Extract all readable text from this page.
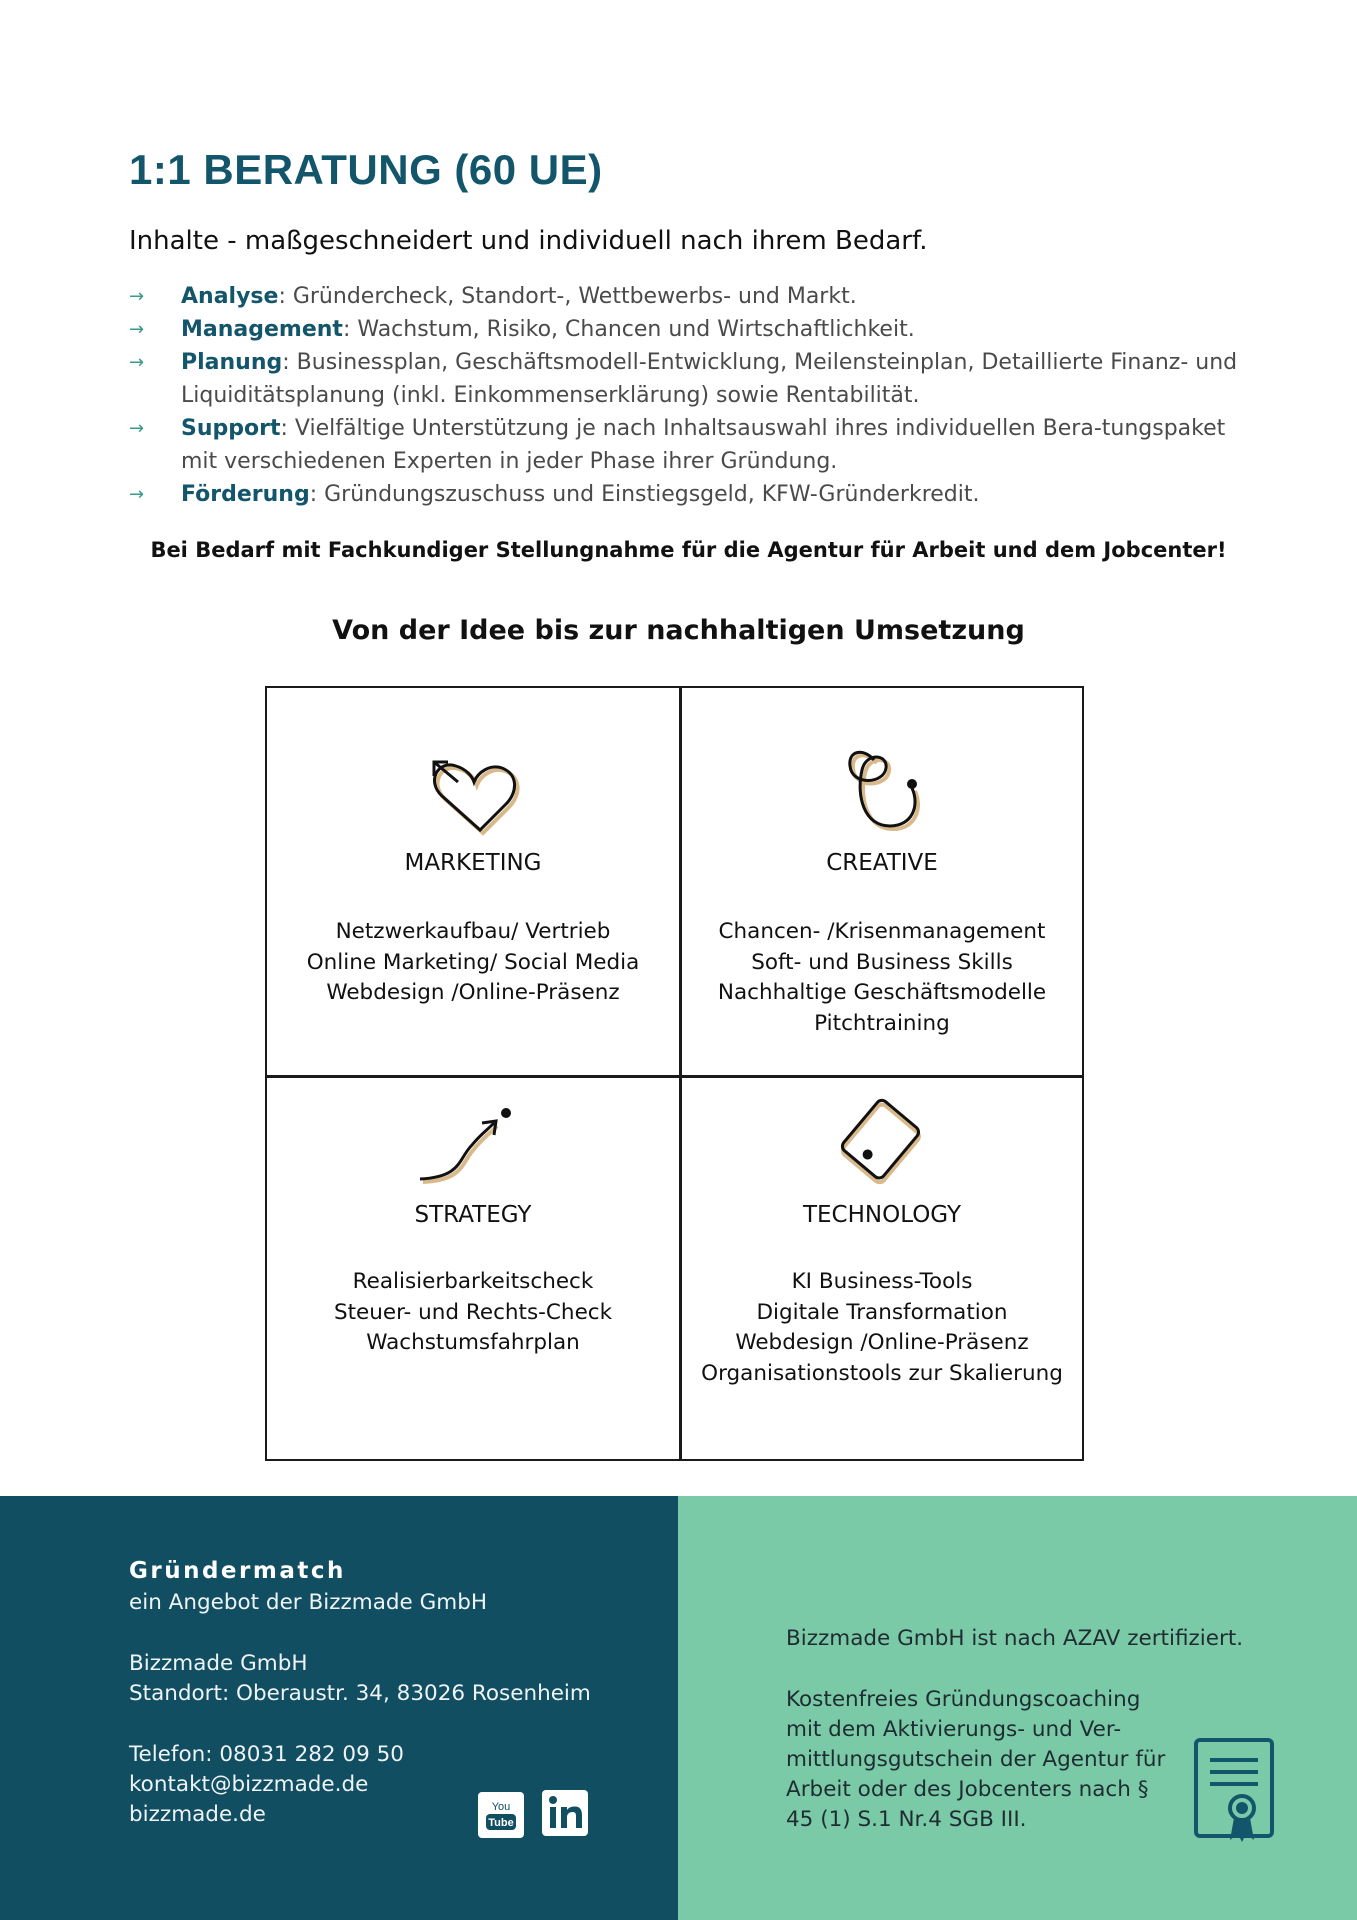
1:1 BERATUNG (60 UE)

Inhalte - maßgeschneidert und individuell nach ihrem Bedarf.

→ Analyse: Gründercheck, Standort-, Wettbewerbs- und Markt.
→ Management: Wachstum, Risiko, Chancen und Wirtschaftlichkeit.
→ Planung: Businessplan, Geschäftsmodell-Entwicklung, Meilensteinplan, Detaillierte Finanz- und Liquiditätsplanung (inkl. Einkommenserklärung) sowie Rentabilität.
→ Support: Vielfältige Unterstützung je nach Inhaltsauswahl ihres individuellen Bera-tungspaket mit verschiedenen Experten in jeder Phase ihrer Gründung.
→ Förderung: Gründungszuschuss und Einstiegsgeld, KFW-Gründerkredit.

Bei Bedarf mit Fachkundiger Stellungnahme für die Agentur für Arbeit und dem Jobcenter!

Von der Idee bis zur nachhaltigen Umsetzung
MARKETING
Netzwerkaufbau/ Vertrieb
Online Marketing/ Social Media
Webdesign /Online-Präsenz
CREATIVE
Chancen- /Krisenmanagement
Soft- und Business Skills
Nachhaltige Geschäftsmodelle
Pitchtraining
STRATEGY
Realisierbarkeitscheck
Steuer- und Rechts-Check
Wachstumsfahrplan
TECHNOLOGY
KI Business-Tools
Digitale Transformation
Webdesign /Online-Präsenz
Organisationstools zur Skalierung
Gründermatch
ein Angebot der Bizzmade GmbH
Bizzmade GmbH
Standort: Oberaustr. 34, 83026 Rosenheim
Telefon: 08031 282 09 50
kontakt@bizzmade.de
bizzmade.de	You
Tube
Bizzmade GmbH ist nach AZAV zertifiziert.
Kostenfreies Gründungscoaching
mit dem Aktivierungs- und Ver-
mittlungsgutschein der Agentur für
Arbeit oder des Jobcenters nach §
45 (1) S.1 Nr.4 SGB III.
